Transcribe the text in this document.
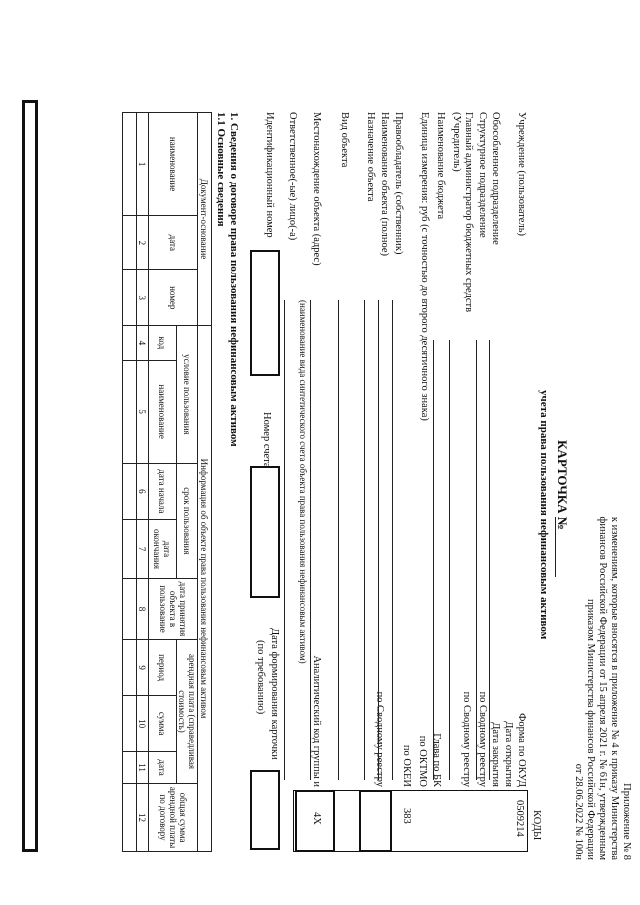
Приложение № 8
к изменениям, которые вносятся в приложение № 4 к приказу Министерства
финансов Российской Федерации от 15 апреля 2021 г. № 61н, утвержденным
приказом Министерства финансов Российской Федерации
от 28.06.2022 № 100н
КАРТОЧКА №
учета права пользования нефинансовым активом
КОДЫ
0509214
383
4X
Форма по ОКУД
Дата открытия
Дата закрытия
по Сводному реестру
по Сводному реестру
Глава по БК
по ОКТМО
по ОКЕИ
по Сводному реестру
Аналитический код группы и
Учреждение (пользователь)
Обособленное подразделение
Структурное подразделение
Главный администратор бюджетных средств (Учредитель)
Наименование бюджета
Единица измерения: руб (с точностью до второго десятичного знака)
Правообладатель (собственник)
Наименование объекта (полное)
Назначение объекта
Вид объекта
Местонахождение объекта (адрес)
Ответственное(-ые) лицо(-а)
Идентификационный номер
(наименование вида синтетического счета объекта права пользования нефинансовым активом)
Номер счета
Дата формирования карточки
(по требованию)
1. Сведения о договоре права пользования нефинансовым активом
1.1 Основные сведения
Документ-основание			Информация об объекте права пользования нефинансовым активом								
наименование	дата	номер	условие пользования		срок пользования		дата принятия объекта в пользование	арендная плата (справедливая стоимость)			общая сумма арендной платы по договору
			код	наименование	дата начала	дата окончания		период	сумма	дата	
1	2	3	4	5	6	7	8	9	10	11	12
